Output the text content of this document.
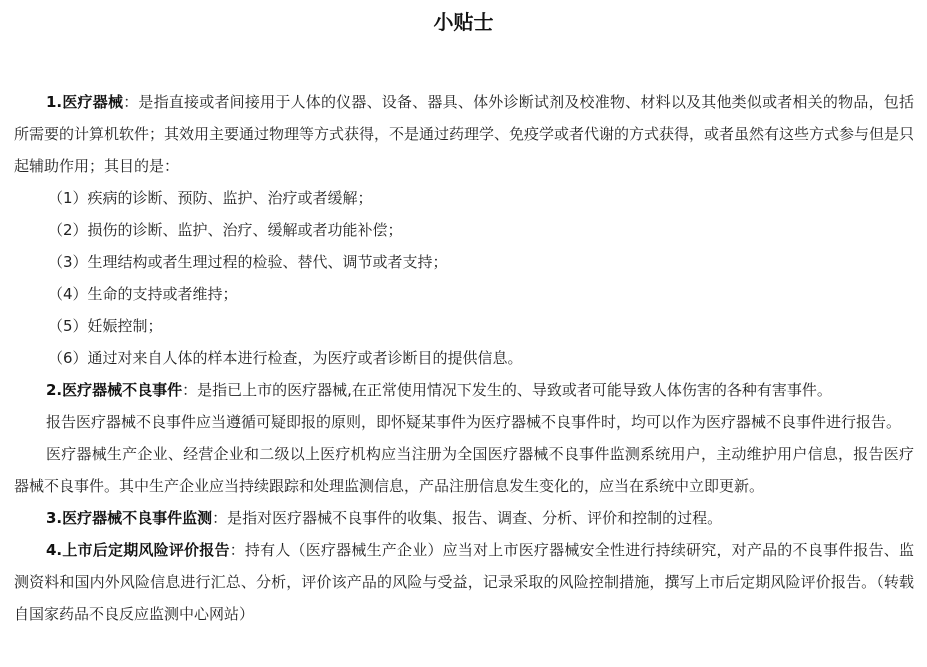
小贴士

1.医疗器械：是指直接或者间接用于人体的仪器、设备、器具、体外诊断试剂及校准物、材料以及其他类似或者相关的物品，包括所需要的计算机软件；其效用主要通过物理等方式获得，不是通过药理学、免疫学或者代谢的方式获得，或者虽然有这些方式参与但是只起辅助作用；其目的是：

（1）疾病的诊断、预防、监护、治疗或者缓解；

（2）损伤的诊断、监护、治疗、缓解或者功能补偿；

（3）生理结构或者生理过程的检验、替代、调节或者支持；

（4）生命的支持或者维持；

（5）妊娠控制；

（6）通过对来自人体的样本进行检查，为医疗或者诊断目的提供信息。

2.医疗器械不良事件：是指已上市的医疗器械,在正常使用情况下发生的、导致或者可能导致人体伤害的各种有害事件。

报告医疗器械不良事件应当遵循可疑即报的原则，即怀疑某事件为医疗器械不良事件时，均可以作为医疗器械不良事件进行报告。

医疗器械生产企业、经营企业和二级以上医疗机构应当注册为全国医疗器械不良事件监测系统用户，主动维护用户信息，报告医疗器械不良事件。其中生产企业应当持续跟踪和处理监测信息，产品注册信息发生变化的，应当在系统中立即更新。

3.医疗器械不良事件监测：是指对医疗器械不良事件的收集、报告、调查、分析、评价和控制的过程。

4.上市后定期风险评价报告：持有人（医疗器械生产企业）应当对上市医疗器械安全性进行持续研究，对产品的不良事件报告、监测资料和国内外风险信息进行汇总、分析，评价该产品的风险与受益，记录采取的风险控制措施，撰写上市后定期风险评价报告。（转载自国家药品不良反应监测中心网站）
